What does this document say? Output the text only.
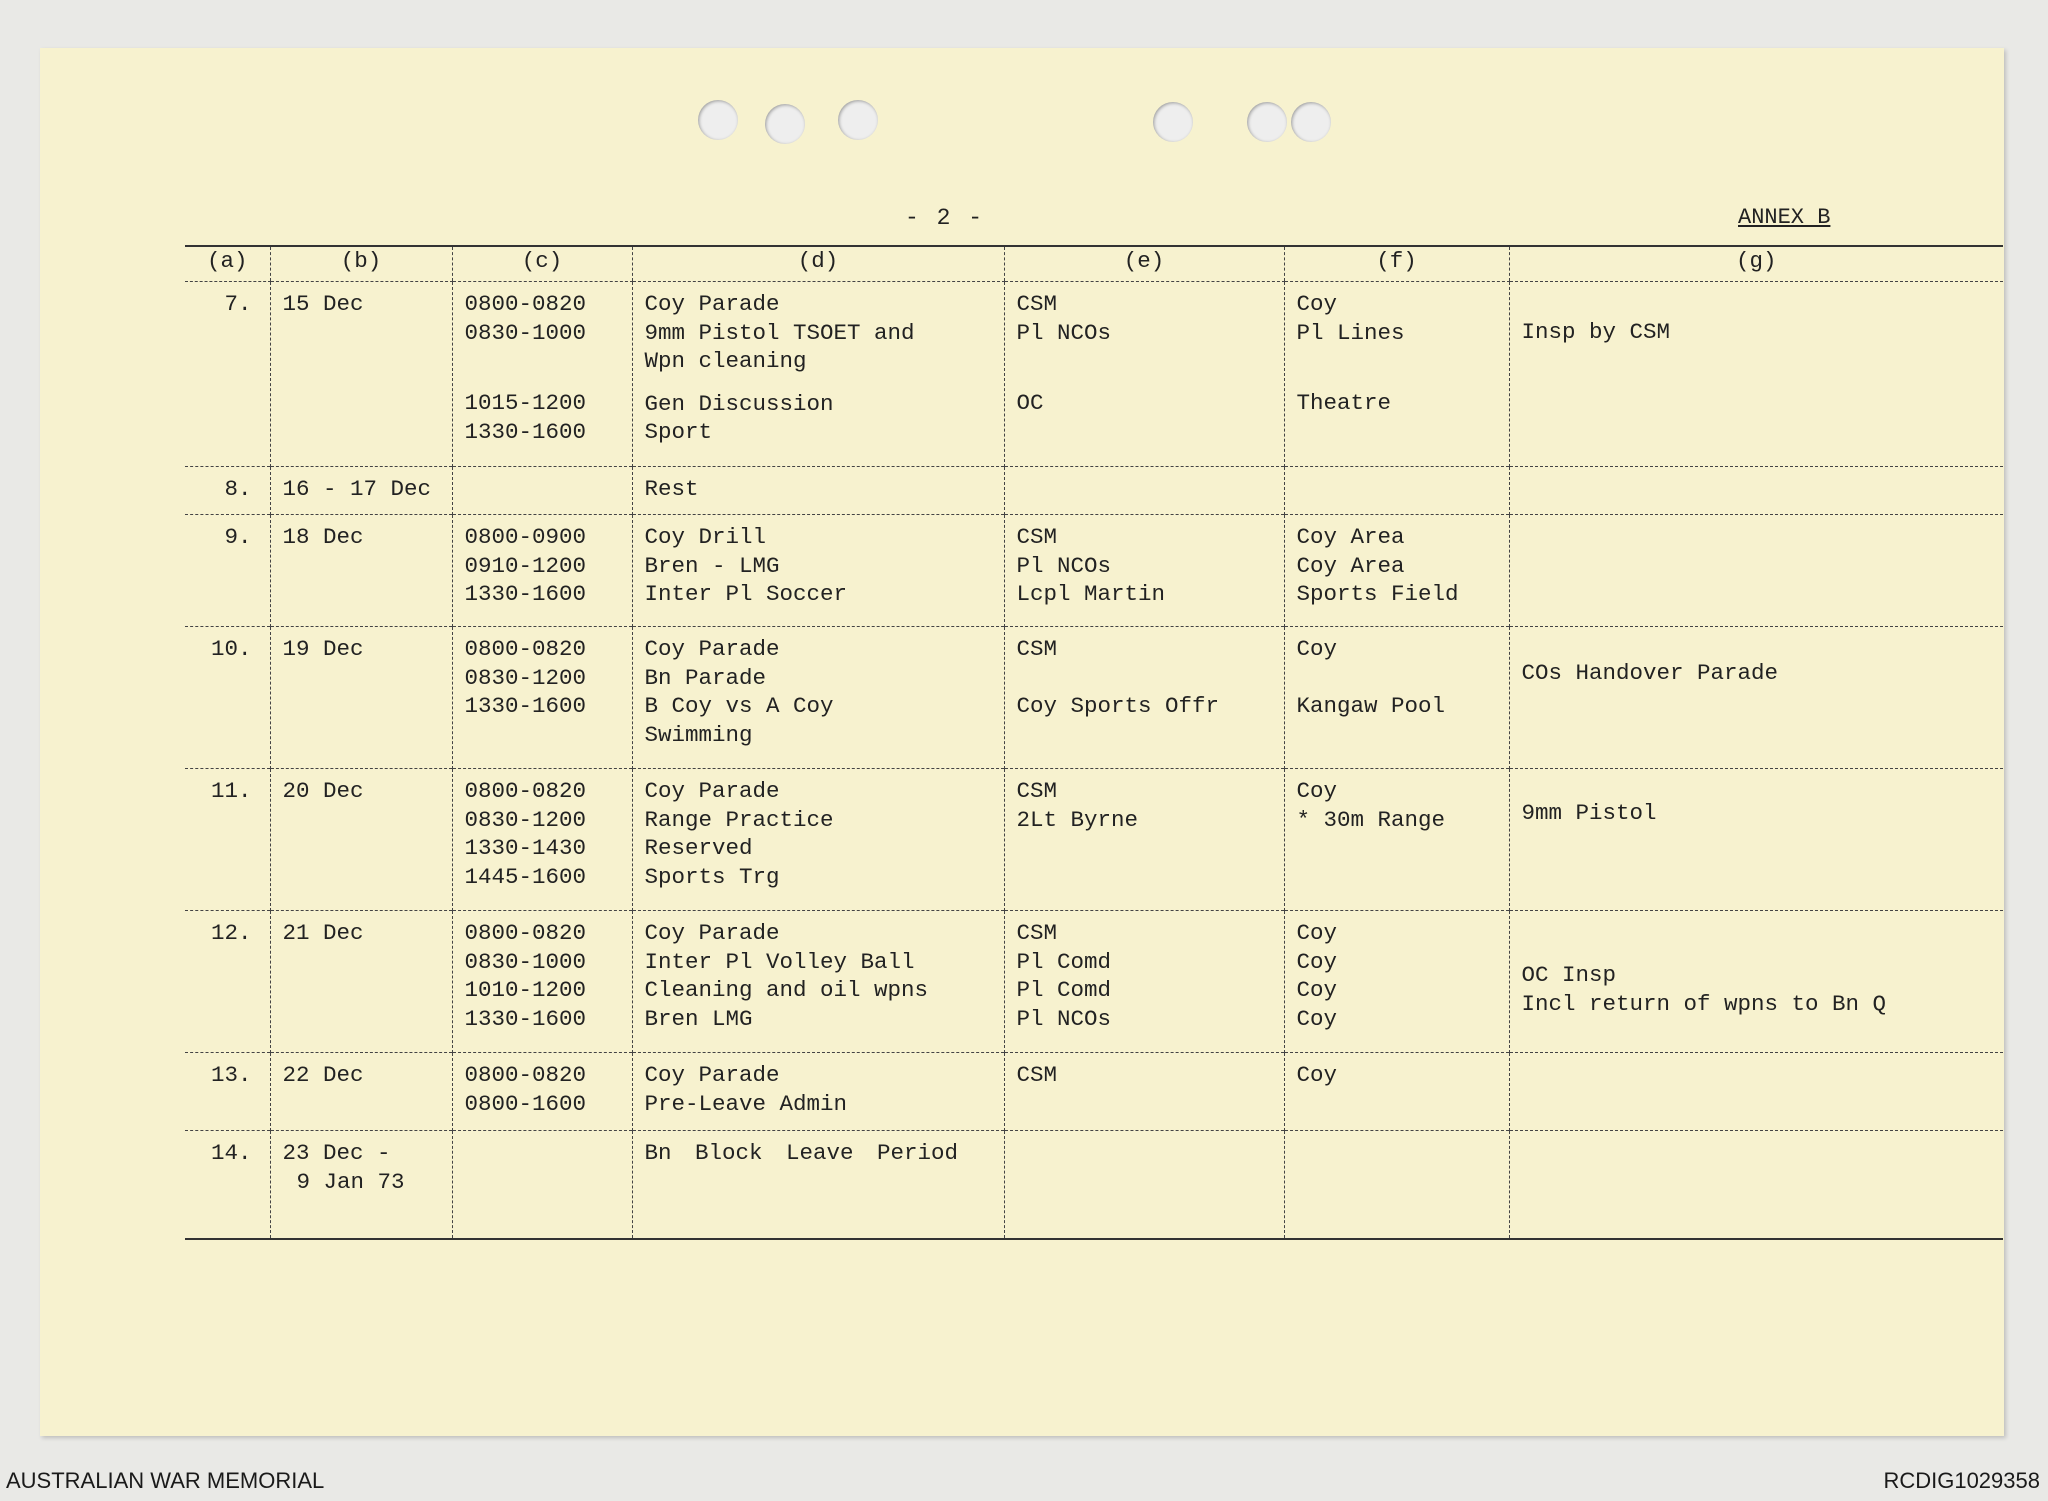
- 2 -	ANNEX B
(a)	(b)	(c)	(d)	(e)	(f)	(g)
7.	15 Dec	0800-0820
0830-1000
1015-1200
1330-1600	Coy Parade
9mm Pistol TSOET and
Wpn cleaning
Gen Discussion
Sport	CSM
Pl NCOs
OC	Coy
Pl Lines
Theatre	Insp by CSM

8.	16 - 17 Dec		Rest			

9.	18 Dec	0800-0900
0910-1200
1330-1600	Coy Drill
Bren - LMG
Inter Pl Soccer	CSM
Pl NCOs
Lcpl Martin	Coy Area
Coy Area
Sports Field	

10.	19 Dec	0800-0820
0830-1200
1330-1600	Coy Parade
Bn Parade
B Coy vs A Coy
Swimming	CSM
Coy Sports Offr	Coy
Kangaw Pool	COs Handover Parade

11.	20 Dec	0800-0820
0830-1200
1330-1430
1445-1600	Coy Parade
Range Practice
Reserved
Sports Trg	CSM
2Lt Byrne	Coy
* 30m Range	9mm Pistol

12.	21 Dec	0800-0820
0830-1000
1010-1200
1330-1600	Coy Parade
Inter Pl Volley Ball
Cleaning and oil wpns
Bren LMG	CSM
Pl Comd
Pl Comd
Pl NCOs	Coy
Coy
Coy
Coy	OC Insp
Incl return of wpns to Bn Q

13.	22 Dec	0800-0820
0800-1600	Coy Parade
Pre-Leave Admin	CSM	Coy	

14.	23 Dec -
9 Jan 73		Bn Block Leave Period			

AUSTRALIAN WAR MEMORIAL	RCDIG1029358
